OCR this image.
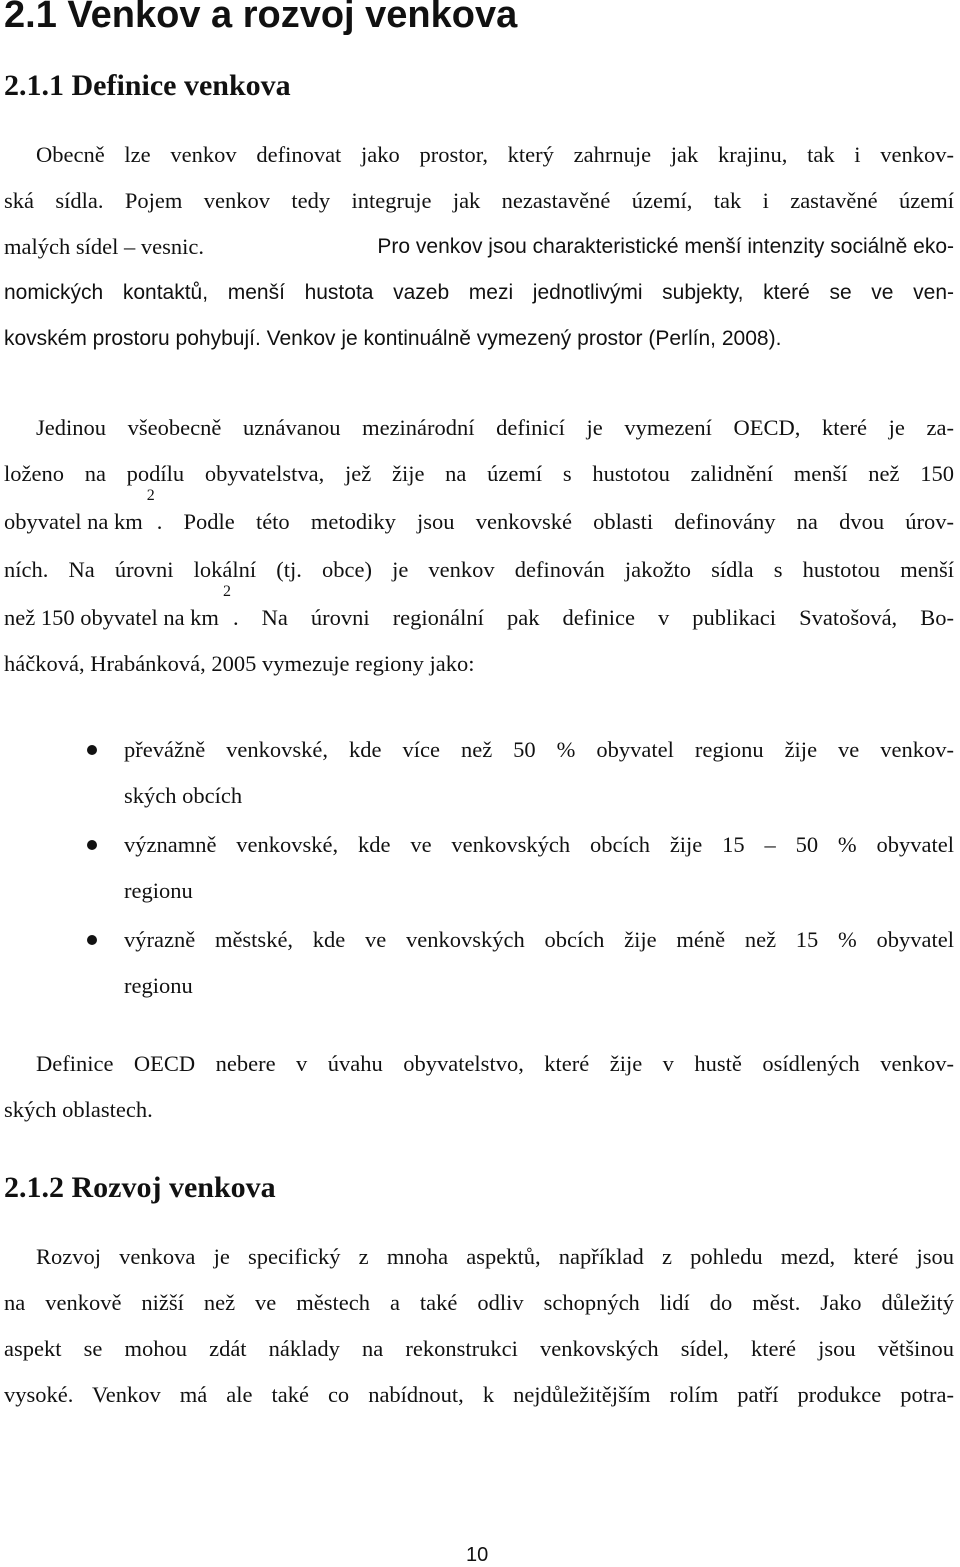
2.1 Venkov a rozvoj venkova
2.1.1 Definice venkova
Obecně lze venkov definovat jako prostor, který zahrnuje jak krajinu, tak i venkov-
ská sídla. Pojem venkov tedy integruje jak nezastavěné území, tak i zastavěné území
malých sídel – vesnic.	Pro venkov jsou charakteristické menší intenzity sociálně eko-
nomických kontaktů, menší hustota vazeb mezi jednotlivými subjekty, které se ve ven-
kovském prostoru pohybují. Venkov je kontinuálně vymezený prostor (Perlín, 2008).
Jedinou všeobecně uznávanou mezinárodní definicí je vymezení OECD, které je za-
loženo na podílu obyvatelstva, jež žije na území s hustotou zalidnění menší než 150
obyvatel na km
2
. Podle této metodiky jsou venkovské oblasti definovány na dvou úrov-
ních. Na úrovni lokální (tj. obce) je venkov definován jakožto sídla s hustotou menší
než 150 obyvatel na km
2
. Na úrovni regionální pak definice v publikaci Svatošová, Bo-
háčková, Hrabánková, 2005 vymezuje regiony jako:
převážně venkovské, kde více než 50 % obyvatel regionu žije ve venkov-
ských obcích
významně venkovské, kde ve venkovských obcích žije 15 – 50 % obyvatel
regionu
výrazně městské, kde ve venkovských obcích žije méně než 15 % obyvatel
regionu
Definice OECD nebere v úvahu obyvatelstvo, které žije v hustě osídlených venkov-
ských oblastech.
2.1.2 Rozvoj venkova
Rozvoj venkova je specifický z mnoha aspektů, například z pohledu mezd, které jsou
na venkově nižší než ve městech a také odliv schopných lidí do měst. Jako důležitý
aspekt se mohou zdát náklady na rekonstrukci venkovských sídel, které jsou většinou
vysoké. Venkov má ale také co nabídnout, k nejdůležitějším rolím patří produkce potra-
10
